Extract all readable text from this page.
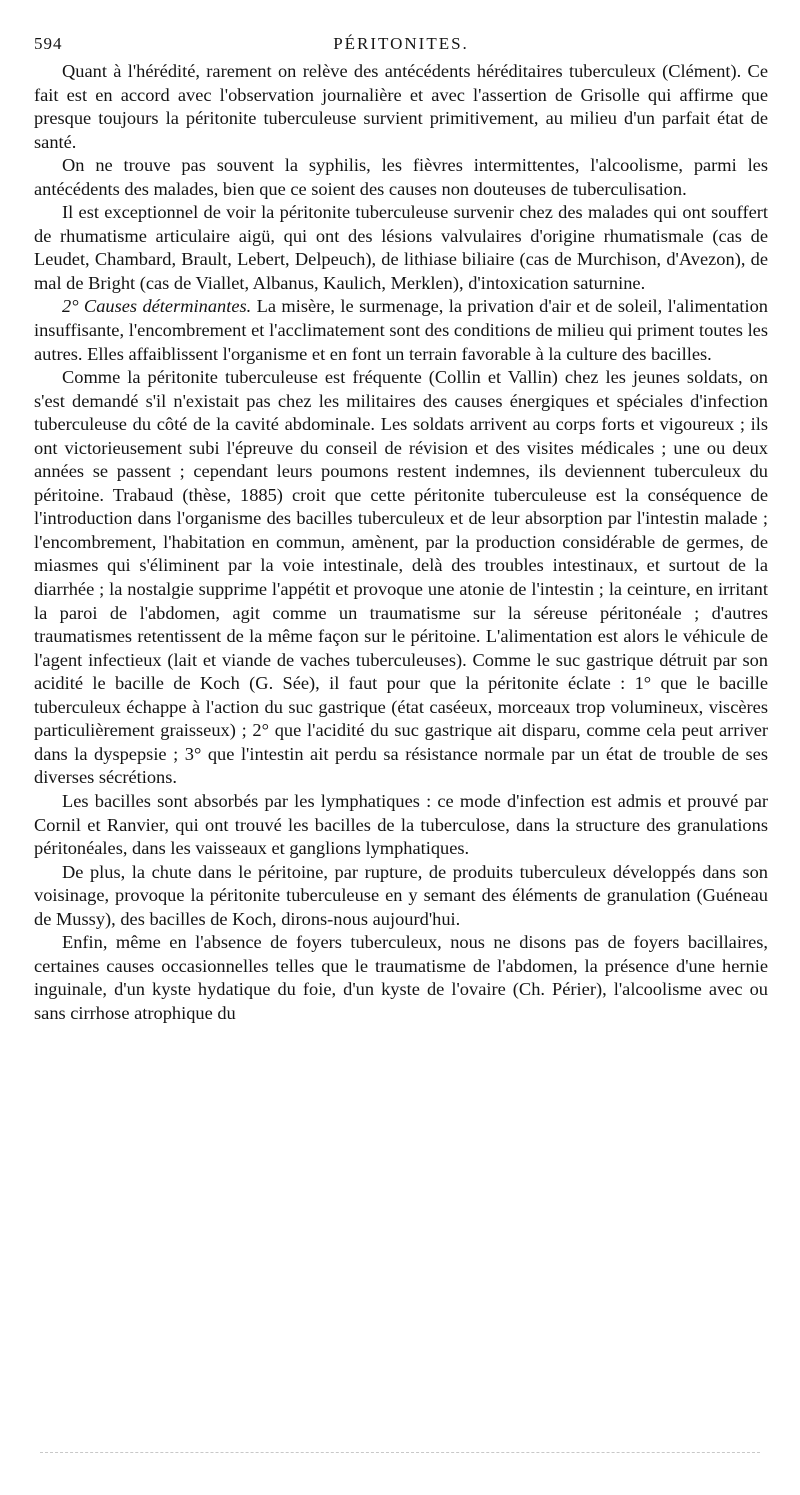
594	PÉRITONITES.

Quant à l'hérédité, rarement on relève des antécédents héréditaires tuberculeux (Clément). Ce fait est en accord avec l'observation journalière et avec l'assertion de Grisolle qui affirme que presque toujours la péritonite tuberculeuse survient primitivement, au milieu d'un parfait état de santé.

On ne trouve pas souvent la syphilis, les fièvres intermittentes, l'alcoolisme, parmi les antécédents des malades, bien que ce soient des causes non douteuses de tuberculisation.

Il est exceptionnel de voir la péritonite tuberculeuse survenir chez des malades qui ont souffert de rhumatisme articulaire aigü, qui ont des lésions valvulaires d'origine rhumatismale (cas de Leudet, Chambard, Brault, Lebert, Delpeuch), de lithiase biliaire (cas de Murchison, d'Avezon), de mal de Bright (cas de Viallet, Albanus, Kaulich, Merklen), d'intoxication saturnine.

2° Causes déterminantes. La misère, le surmenage, la privation d'air et de soleil, l'alimentation insuffisante, l'encombrement et l'acclimatement sont des conditions de milieu qui priment toutes les autres. Elles affaiblissent l'organisme et en font un terrain favorable à la culture des bacilles.

Comme la péritonite tuberculeuse est fréquente (Collin et Vallin) chez les jeunes soldats, on s'est demandé s'il n'existait pas chez les militaires des causes énergiques et spéciales d'infection tuberculeuse du côté de la cavité abdominale. Les soldats arrivent au corps forts et vigoureux ; ils ont victorieusement subi l'épreuve du conseil de révision et des visites médicales ; une ou deux années se passent ; cependant leurs poumons restent indemnes, ils deviennent tuberculeux du péritoine. Trabaud (thèse, 1885) croit que cette péritonite tuberculeuse est la conséquence de l'introduction dans l'organisme des bacilles tuberculeux et de leur absorption par l'intestin malade ; l'encombrement, l'habitation en commun, amènent, par la production considérable de germes, de miasmes qui s'éliminent par la voie intestinale, delà des troubles intestinaux, et surtout de la diarrhée ; la nostalgie supprime l'appétit et provoque une atonie de l'intestin ; la ceinture, en irritant la paroi de l'abdomen, agit comme un traumatisme sur la séreuse péritonéale ; d'autres traumatismes retentissent de la même façon sur le péritoine. L'alimentation est alors le véhicule de l'agent infectieux (lait et viande de vaches tuberculeuses). Comme le suc gastrique détruit par son acidité le bacille de Koch (G. Sée), il faut pour que la péritonite éclate : 1° que le bacille tuberculeux échappe à l'action du suc gastrique (état caséeux, morceaux trop volumineux, viscères particulièrement graisseux) ; 2° que l'acidité du suc gastrique ait disparu, comme cela peut arriver dans la dyspepsie ; 3° que l'intestin ait perdu sa résistance normale par un état de trouble de ses diverses sécrétions.

Les bacilles sont absorbés par les lymphatiques : ce mode d'infection est admis et prouvé par Cornil et Ranvier, qui ont trouvé les bacilles de la tuberculose, dans la structure des granulations péritonéales, dans les vaisseaux et ganglions lymphatiques.

De plus, la chute dans le péritoine, par rupture, de produits tuberculeux développés dans son voisinage, provoque la péritonite tuberculeuse en y semant des éléments de granulation (Guéneau de Mussy), des bacilles de Koch, dirons-nous aujourd'hui.

Enfin, même en l'absence de foyers tuberculeux, nous ne disons pas de foyers bacillaires, certaines causes occasionnelles telles que le traumatisme de l'abdomen, la présence d'une hernie inguinale, d'un kyste hydatique du foie, d'un kyste de l'ovaire (Ch. Périer), l'alcoolisme avec ou sans cirrhose atrophique du
